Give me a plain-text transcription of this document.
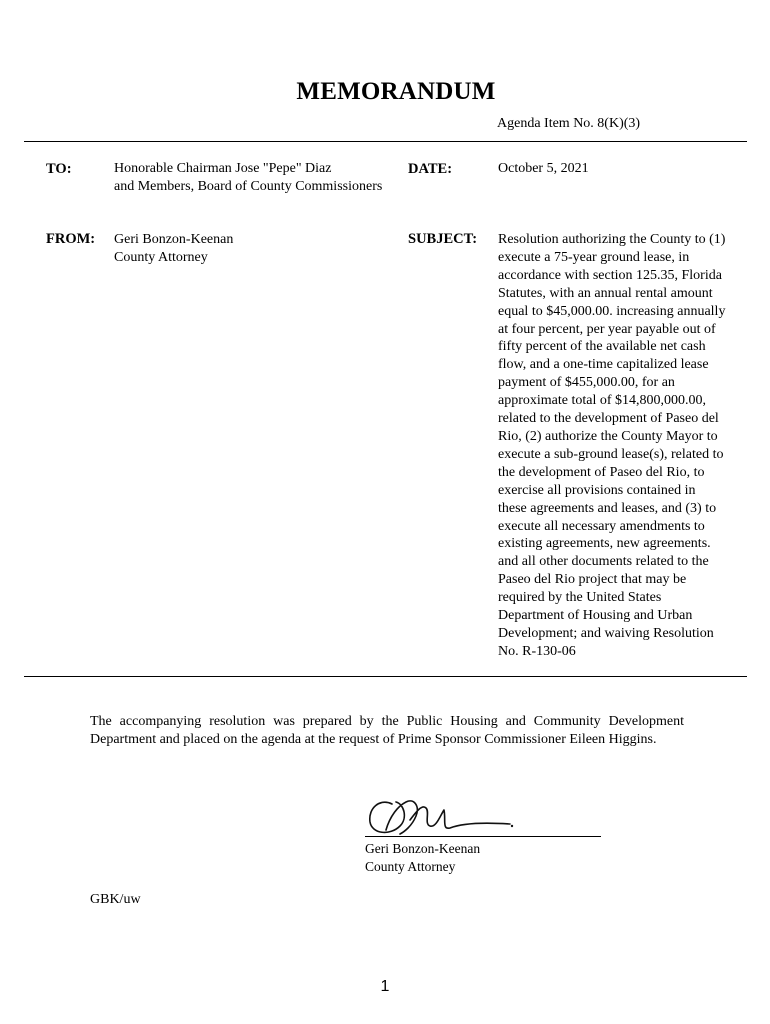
MEMORANDUM
Agenda Item No. 8(K)(3)
TO:	Honorable Chairman Jose "Pepe" Diaz
and Members, Board of County Commissioners
DATE:	October 5, 2021
FROM: Geri Bonzon-Keenan
County Attorney
SUBJECT: Resolution authorizing the County to (1)
execute a 75-year ground lease, in
accordance with section 125.35, Florida
Statutes, with an annual rental amount
equal to $45,000.00. increasing annually
at four percent, per year payable out of
fifty percent of the available net cash
flow, and a one-time capitalized lease
payment of $455,000.00, for an
approximate total of $14,800,000.00,
related to the development of Paseo del
Rio, (2) authorize the County Mayor to
execute a sub-ground lease(s), related to
the development of Paseo del Rio, to
exercise all provisions contained in
these agreements and leases, and (3) to
execute all necessary amendments to
existing agreements, new agreements.
and all other documents related to the
Paseo del Rio project that may be
required by the United States
Department of Housing and Urban
Development; and waiving Resolution
No. R-130-06
The accompanying resolution was prepared by the Public Housing and Community Development Department and placed on the agenda at the request of Prime Sponsor Commissioner Eileen Higgins.
Geri Bonzon-Keenan
County Attorney
GBK/uw
1
